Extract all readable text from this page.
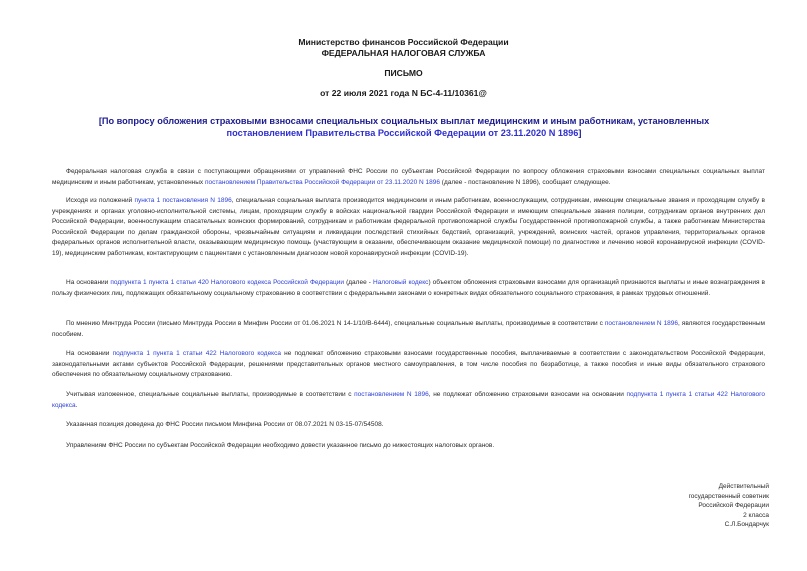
Министерство финансов Российской Федерации
ФЕДЕРАЛЬНАЯ НАЛОГОВАЯ СЛУЖБА
ПИСЬМО
от 22 июля 2021 года N БС-4-11/10361@
[По вопросу обложения страховыми взносами специальных социальных выплат медицинским и иным работникам, установленных постановлением Правительства Российской Федерации от 23.11.2020 N 1896]

Федеральная налоговая служба в связи с поступающими обращениями от управлений ФНС России по субъектам Российской Федерации по вопросу обложения страховыми взносами специальных социальных выплат медицинским и иным работникам, установленных постановлением Правительства Российской Федерации от 23.11.2020 N 1896 (далее - постановление N 1896), сообщает следующее.

Исходя из положений пункта 1 постановления N 1896, специальная социальная выплата производится медицинским и иным работникам, военнослужащим, сотрудникам, имеющим специальные звания и проходящим службу в учреждениях и органах уголовно-исполнительной системы, лицам, проходящим службу в войсках национальной гвардии Российской Федерации и имеющим специальные звания полиции, сотрудникам органов внутренних дел Российской Федерации, военнослужащим спасательных воинских формирований, сотрудникам и работникам федеральной противопожарной службы Государственной противопожарной службы, а также работникам Министерства Российской Федерации по делам гражданской обороны, чрезвычайным ситуациям и ликвидации последствий стихийных бедствий, организаций, учреждений, воинских частей, органов управления, территориальных органов федеральных органов исполнительной власти, оказывающим медицинскую помощь (участвующим в оказании, обеспечивающим оказание медицинской помощи) по диагностике и лечению новой коронавирусной инфекции (COVID-19), медицинским работникам, контактирующим с пациентами с установленным диагнозом новой коронавирусной инфекции (COVID-19).

На основании подпункта 1 пункта 1 статьи 420 Налогового кодекса Российской Федерации (далее - Налоговый кодекс) объектом обложения страховыми взносами для организаций признаются выплаты и иные вознаграждения в пользу физических лиц, подлежащих обязательному социальному страхованию в соответствии с федеральными законами о конкретных видах обязательного социального страхования, в рамках трудовых отношений.

По мнению Минтруда России (письмо Минтруда России в Минфин России от 01.06.2021 N 14-1/10/В-6444), специальные социальные выплаты, производимые в соответствии с постановлением N 1896, являются государственным пособием.

На основании подпункта 1 пункта 1 статьи 422 Налогового кодекса не подлежат обложению страховыми взносами государственные пособия, выплачиваемые в соответствии с законодательством Российской Федерации, законодательными актами субъектов Российской Федерации, решениями представительных органов местного самоуправления, в том числе пособия по безработице, а также пособия и иные виды обязательного страхового обеспечения по обязательному социальному страхованию.

Учитывая изложенное, специальные социальные выплаты, производимые в соответствии с постановлением N 1896, не подлежат обложению страховыми взносами на основании подпункта 1 пункта 1 статьи 422 Налогового кодекса.

Указанная позиция доведена до ФНС России письмом Минфина России от 08.07.2021 N 03-15-07/54508.

Управлениям ФНС России по субъектам Российской Федерации необходимо довести указанное письмо до нижестоящих налоговых органов.

Действительный
государственный советник
Российской Федерации
2 класса
С.Л.Бондарчук
